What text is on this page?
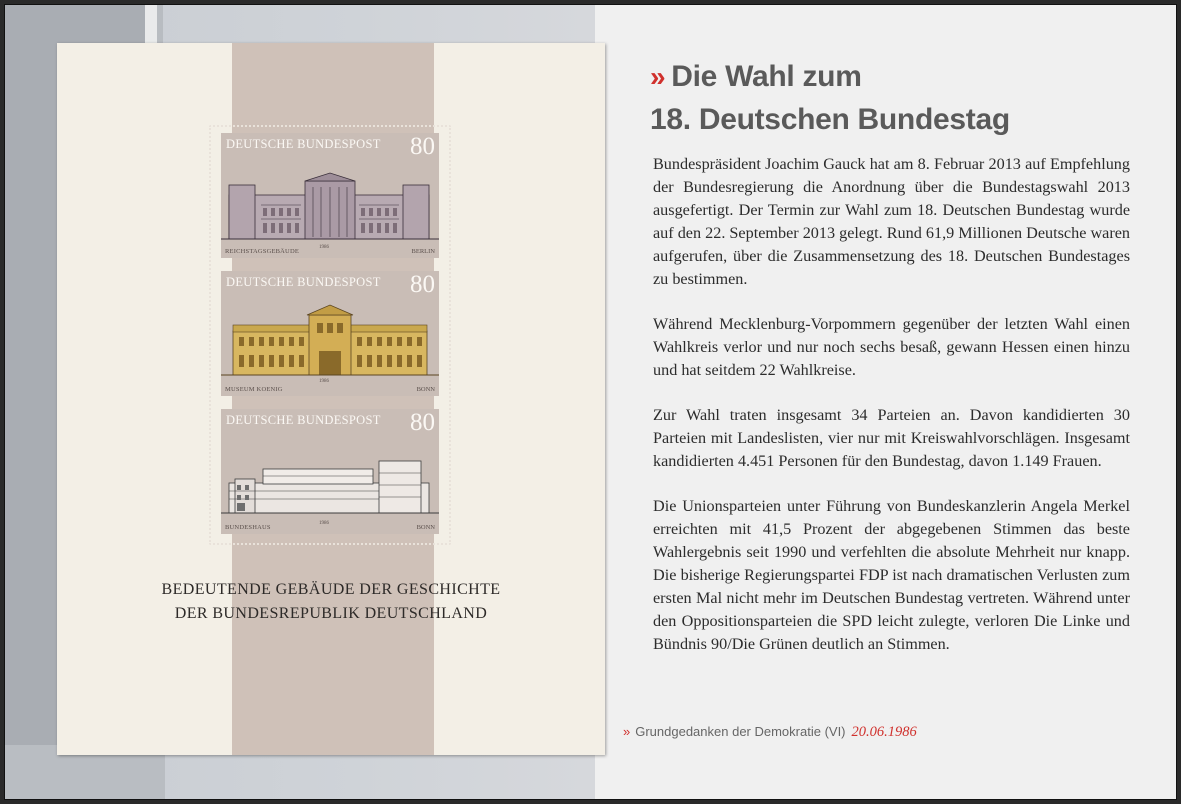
DEUTSCHE BUNDESPOST 80
1986
REICHSTAGSGEBÄUDE	BERLIN
DEUTSCHE BUNDESPOST 80
1986
MUSEUM KOENIG	BONN
DEUTSCHE BUNDESPOST 80
1986
BUNDESHAUS	BONN
BEDEUTENDE GEBÄUDE DER GESCHICHTE
DER BUNDESREPUBLIK DEUTSCHLAND
» Die Wahl zum
18. Deutschen Bundestag

Bundespräsident Joachim Gauck hat am 8. Februar 2013 auf Empfehlung der Bundesregierung die Anordnung über die Bundestagswahl 2013 ausgefertigt. Der Termin zur Wahl zum 18. Deutschen Bundestag wurde auf den 22. September 2013 gelegt. Rund 61,9 Millionen Deutsche waren aufgerufen, über die Zusammensetzung des 18. Deutschen Bundestages zu bestimmen.

Während Mecklenburg-Vorpommern gegenüber der letzten Wahl einen Wahlkreis verlor und nur noch sechs besaß, gewann Hessen einen hinzu und hat seitdem 22 Wahlkreise.

Zur Wahl traten insgesamt 34 Parteien an. Davon kandidierten 30 Parteien mit Landeslisten, vier nur mit Kreiswahlvorschlägen. Insgesamt kandidierten 4.451 Personen für den Bundestag, davon 1.149 Frauen.

Die Unionsparteien unter Führung von Bundeskanzlerin Angela Merkel erreichten mit 41,5 Prozent der abgegebenen Stimmen das beste Wahlergebnis seit 1990 und verfehlten die absolute Mehrheit nur knapp. Die bisherige Regierungspartei FDP ist nach dramatischen Verlusten zum ersten Mal nicht mehr im Deutschen Bundestag vertreten. Während unter den Oppositionsparteien die SPD leicht zulegte, verloren Die Linke und Bündnis 90/Die Grünen deutlich an Stimmen.

» Grundgedanken der Demokratie (VI) 20.06.1986
